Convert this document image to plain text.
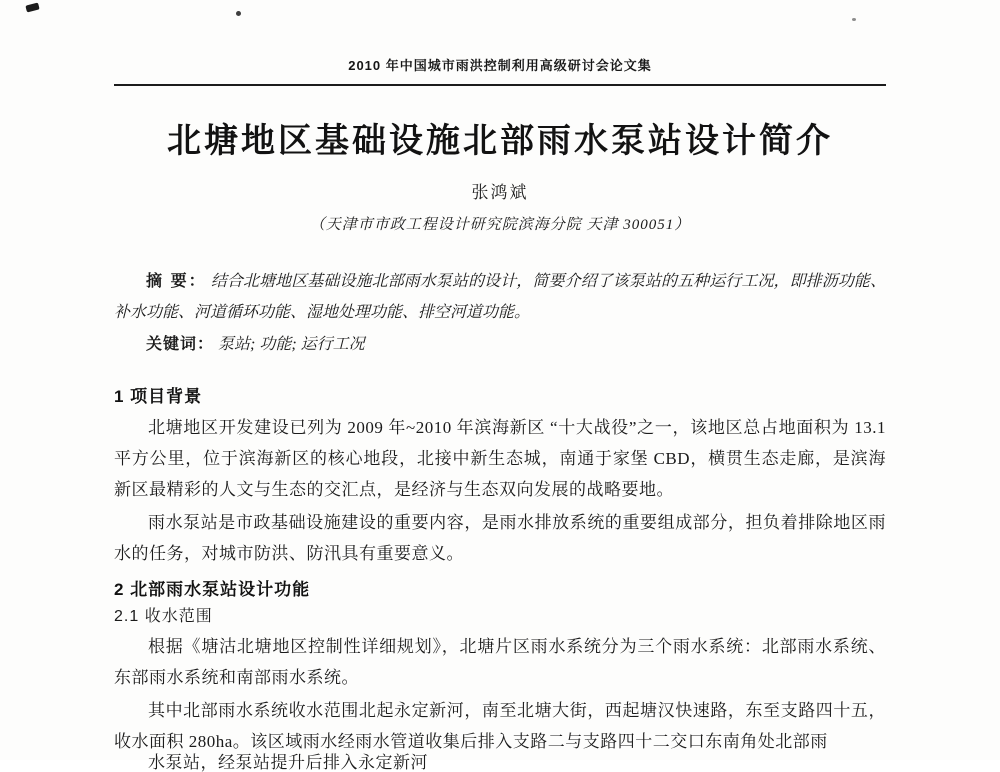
2010 年中国城市雨洪控制利用高级研讨会论文集
北塘地区基础设施北部雨水泵站设计简介
张鸿斌
（天津市市政工程设计研究院滨海分院 天津 300051）

摘 要： 结合北塘地区基础设施北部雨水泵站的设计，简要介绍了该泵站的五种运行工况，即排沥功能、补水功能、河道循环功能、湿地处理功能、排空河道功能。

关键词： 泵站; 功能; 运行工况

1 项目背景

北塘地区开发建设已列为 2009 年~2010 年滨海新区 “十大战役”之一，该地区总占地面积为 13.1 平方公里，位于滨海新区的核心地段，北接中新生态城，南通于家堡 CBD，横贯生态走廊，是滨海新区最精彩的人文与生态的交汇点，是经济与生态双向发展的战略要地。

雨水泵站是市政基础设施建设的重要内容，是雨水排放系统的重要组成部分，担负着排除地区雨水的任务，对城市防洪、防汛具有重要意义。

2 北部雨水泵站设计功能
2.1 收水范围

根据《塘沽北塘地区控制性详细规划》，北塘片区雨水系统分为三个雨水系统：北部雨水系统、东部雨水系统和南部雨水系统。

其中北部雨水系统收水范围北起永定新河，南至北塘大街，西起塘汉快速路，东至支路四十五，收水面积 280ha。该区域雨水经雨水管道收集后排入支路二与支路四十二交口东南角处北部雨

水泵站，经泵站提升后排入永定新河
